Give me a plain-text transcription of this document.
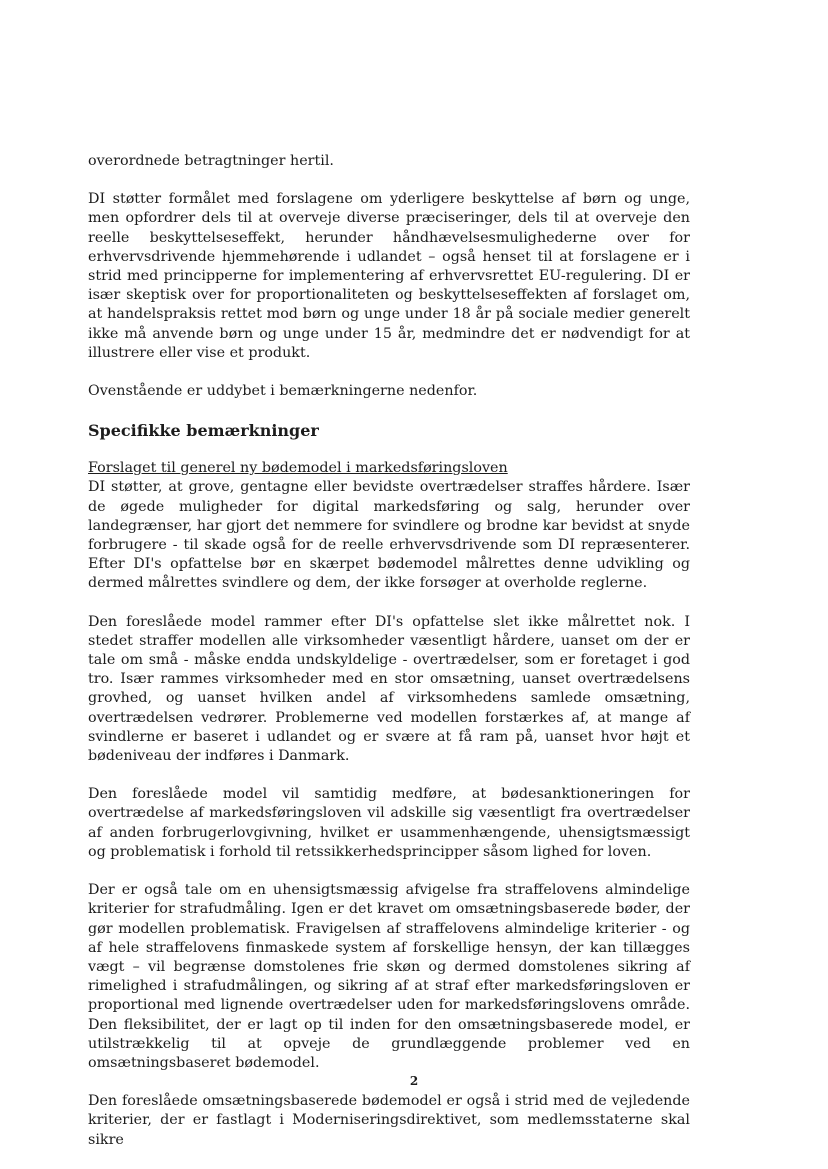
overordnede betragtninger hertil.

DI støtter formålet med forslagene om yderligere beskyttelse af børn og unge, men opfordrer dels til at overveje diverse præciseringer, dels til at overveje den reelle beskyttelseseffekt, herunder håndhævelsesmulighederne over for erhvervsdrivende hjemmehørende i udlandet – også henset til at forslagene er i strid med principperne for implementering af erhvervsrettet EU-regulering. DI er især skeptisk over for proportionaliteten og beskyttelseseffekten af forslaget om, at handelspraksis rettet mod børn og unge under 18 år på sociale medier generelt ikke må anvende børn og unge under 15 år, medmindre det er nødvendigt for at illustrere eller vise et produkt.

Ovenstående er uddybet i bemærkningerne nedenfor.

Specifikke bemærkninger

Forslaget til generel ny bødemodel i markedsføringsloven

DI støtter, at grove, gentagne eller bevidste overtrædelser straffes hårdere. Især de øgede muligheder for digital markedsføring og salg, herunder over landegrænser, har gjort det nemmere for svindlere og brodne kar bevidst at snyde forbrugere - til skade også for de reelle erhvervsdrivende som DI repræsenterer. Efter DI's opfattelse bør en skærpet bødemodel målrettes denne udvikling og dermed målrettes svindlere og dem, der ikke forsøger at overholde reglerne.

Den foreslåede model rammer efter DI's opfattelse slet ikke målrettet nok. I stedet straffer modellen alle virksomheder væsentligt hårdere, uanset om der er tale om små - måske endda undskyldelige - overtrædelser, som er foretaget i god tro. Især rammes virksomheder med en stor omsætning, uanset overtrædelsens grovhed, og uanset hvilken andel af virksomhedens samlede omsætning, overtrædelsen vedrører. Problemerne ved modellen forstærkes af, at mange af svindlerne er baseret i udlandet og er svære at få ram på, uanset hvor højt et bødeniveau der indføres i Danmark.

Den foreslåede model vil samtidig medføre, at bødesanktioneringen for overtrædelse af markedsføringsloven vil adskille sig væsentligt fra overtrædelser af anden forbrugerlovgivning, hvilket er usammenhængende, uhensigtsmæssigt og problematisk i forhold til retssikkerhedsprincipper såsom lighed for loven.

Der er også tale om en uhensigtsmæssig afvigelse fra straffelovens almindelige kriterier for strafudmåling. Igen er det kravet om omsætningsbaserede bøder, der gør modellen problematisk. Fravigelsen af straffelovens almindelige kriterier - og af hele straffelovens finmaskede system af forskellige hensyn, der kan tillægges vægt – vil begrænse domstolenes frie skøn og dermed domstolenes sikring af rimelighed i strafudmålingen, og sikring af at straf efter markedsføringsloven er proportional med lignende overtrædelser uden for markedsføringslovens område. Den fleksibilitet, der er lagt op til inden for den omsætningsbaserede model, er utilstrækkelig til at opveje de grundlæggende problemer ved en omsætningsbaseret bødemodel.

Den foreslåede omsætningsbaserede bødemodel er også i strid med de vejledende kriterier, der er fastlagt i Moderniseringsdirektivet, som medlemsstaterne skal sikre

2
